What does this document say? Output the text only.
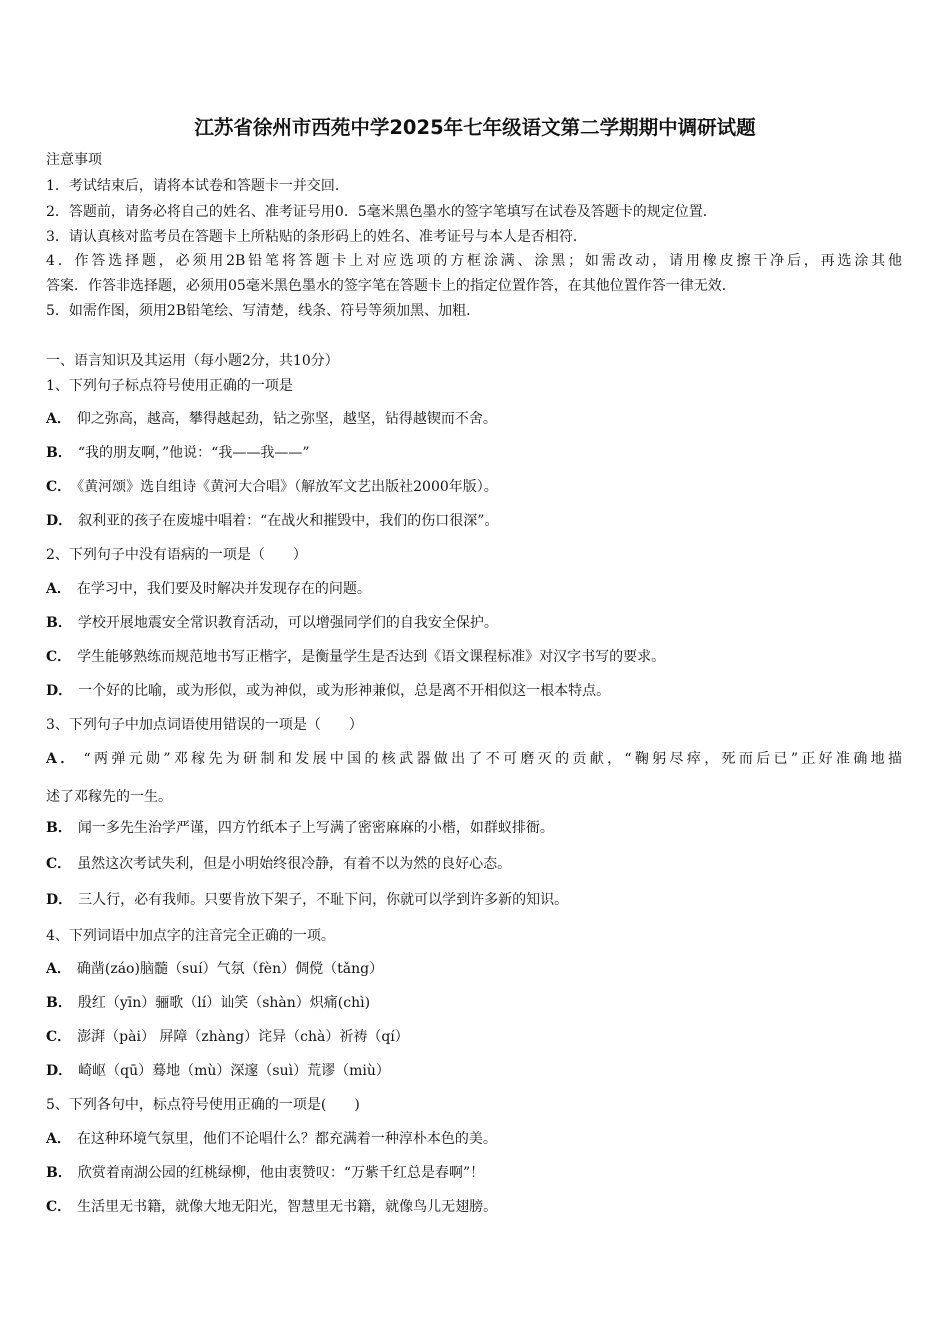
江苏省徐州市西苑中学2025年七年级语文第二学期期中调研试题
注意事项
1．考试结束后，请将本试卷和答题卡一并交回．
2．答题前，请务必将自己的姓名、准考证号用0．5毫米黑色墨水的签字笔填写在试卷及答题卡的规定位置．
3．请认真核对监考员在答题卡上所粘贴的条形码上的姓名、准考证号与本人是否相符．
4．作答选择题，必须用2B铅笔将答题卡上对应选项的方框涂满、涂黑；如需改动，请用橡皮擦干净后，再选涂其他
答案．作答非选择题，必须用05毫米黑色墨水的签字笔在答题卡上的指定位置作答，在其他位置作答一律无效．
5．如需作图，须用2B铅笔绘、写清楚，线条、符号等须加黑、加粗．
一、语言知识及其运用（每小题2分，共10分）
1、下列句子标点符号使用正确的一项是
A． 仰之弥高，越高，攀得越起劲，钻之弥坚，越坚，钻得越锲而不舍。
B． “我的朋友啊，”他说：“我——我——”
C． 《黄河颂》选自组诗《黄河大合唱》（解放军文艺出版社2000年版）。
D． 叙利亚的孩子在废墟中唱着：“在战火和摧毁中，我们的伤口很深”。
2、下列句子中没有语病的一项是（　　）
A． 在学习中，我们要及时解决并发现存在的问题。
B． 学校开展地震安全常识教育活动，可以增强同学们的自我安全保护。
C． 学生能够熟练而规范地书写正楷字，是衡量学生是否达到《语文课程标准》对汉字书写的要求。
D． 一个好的比喻，或为形似，或为神似，或为形神兼似，总是离不开相似这一根本特点。
3、下列句子中加点词语使用错误的一项是（　　）
A． “两弹元勋”邓稼先为研制和发展中国的核武器做出了不可磨灭的贡献，“鞠躬尽瘁，死而后已”正好准确地描
述了邓稼先的一生。
B． 闻一多先生治学严谨，四方竹纸本子上写满了密密麻麻的小楷，如群蚁排衙。
C． 虽然这次考试失利，但是小明始终很冷静，有着不以为然的良好心态。
D． 三人行，必有我师。只要肯放下架子，不耻下问，你就可以学到许多新的知识。
4、下列词语中加点字的注音完全正确的一项。
A． 确凿(záo)脑髓（suí）气氛（fèn）倜傥（tǎng）
B． 殷红（yīn）骊歌（lí）讪笑（shàn）炽痛(chì)
C． 澎湃（pài） 屏障（zhàng）诧异（chà）祈祷（qí）
D． 崎岖（qū）蓦地（mù）深邃（suì）荒谬（miù）
5、下列各句中，标点符号使用正确的一项是(　　)
A． 在这种环境气氛里，他们不论唱什么？都充满着一种淳朴本色的美。
B． 欣赏着南湖公园的红桃绿柳，他由衷赞叹：“万紫千红总是春啊”！
C． 生活里无书籍，就像大地无阳光，智慧里无书籍，就像鸟儿无翅膀。
